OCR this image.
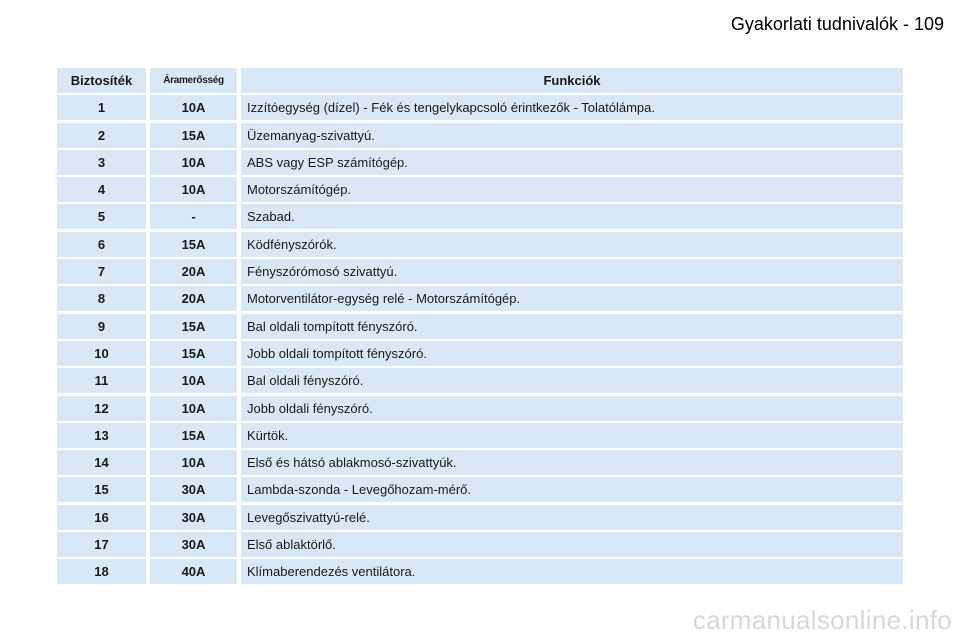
Gyakorlati tudnivalók - 109
Biztosíték	Áramerősség	Funkciók
1	10A	Izzítóegység (dízel) - Fék és tengelykapcsoló érintkezők - Tolatólámpa.
2	15A	Üzemanyag-szivattyú.
3	10A	ABS vagy ESP számítógép.
4	10A	Motorszámítógép.
5	-	Szabad.
6	15A	Ködfényszórók.
7	20A	Fényszórómosó szivattyú.
8	20A	Motorventilátor-egység relé - Motorszámítógép.
9	15A	Bal oldali tompított fényszóró.
10	15A	Jobb oldali tompított fényszóró.
11	10A	Bal oldali fényszóró.
12	10A	Jobb oldali fényszóró.
13	15A	Kürtök.
14	10A	Első és hátsó ablakmosó-szivattyúk.
15	30A	Lambda-szonda - Levegőhozam-mérő.
16	30A	Levegőszivattyú-relé.
17	30A	Első ablaktörlő.
18	40A	Klímaberendezés ventilátora.
carmanualsonline.info
